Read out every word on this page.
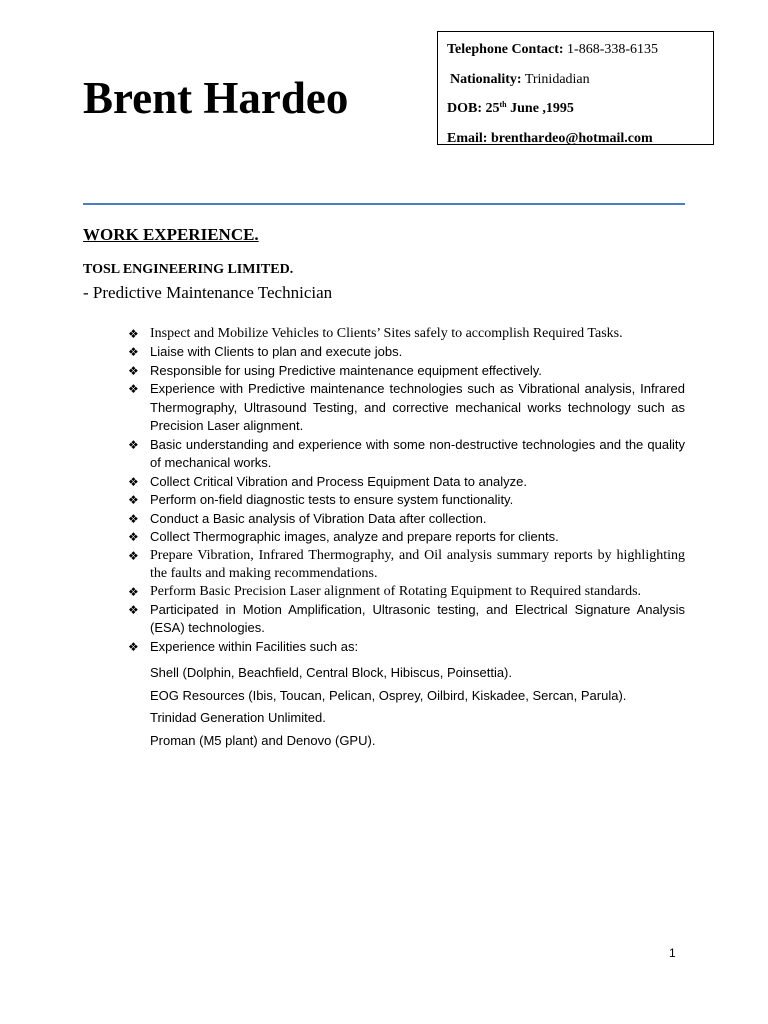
Brent Hardeo
Telephone Contact: 1-868-338-6135
Nationality: Trinidadian
DOB: 25th June ,1995
Email: brenthardeo@hotmail.com
WORK EXPERIENCE.
TOSL ENGINEERING LIMITED.
- Predictive Maintenance Technician
❖ Inspect and Mobilize Vehicles to Clients’ Sites safely to accomplish Required Tasks.
❖ Liaise with Clients to plan and execute jobs.
❖ Responsible for using Predictive maintenance equipment effectively.
❖ Experience with Predictive maintenance technologies such as Vibrational analysis, Infrared Thermography, Ultrasound Testing, and corrective mechanical works technology such as Precision Laser alignment.
❖ Basic understanding and experience with some non-destructive technologies and the quality of mechanical works.
❖ Collect Critical Vibration and Process Equipment Data to analyze.
❖ Perform on-field diagnostic tests to ensure system functionality.
❖ Conduct a Basic analysis of Vibration Data after collection.
❖ Collect Thermographic images, analyze and prepare reports for clients.
❖ Prepare Vibration, Infrared Thermography, and Oil analysis summary reports by highlighting the faults and making recommendations.
❖ Perform Basic Precision Laser alignment of Rotating Equipment to Required standards.
❖ Participated in Motion Amplification, Ultrasonic testing, and Electrical Signature Analysis (ESA) technologies.
❖ Experience within Facilities such as:
Shell (Dolphin, Beachfield, Central Block, Hibiscus, Poinsettia).
EOG Resources (Ibis, Toucan, Pelican, Osprey, Oilbird, Kiskadee, Sercan, Parula).
Trinidad Generation Unlimited.
Proman (M5 plant) and Denovo (GPU).
1
